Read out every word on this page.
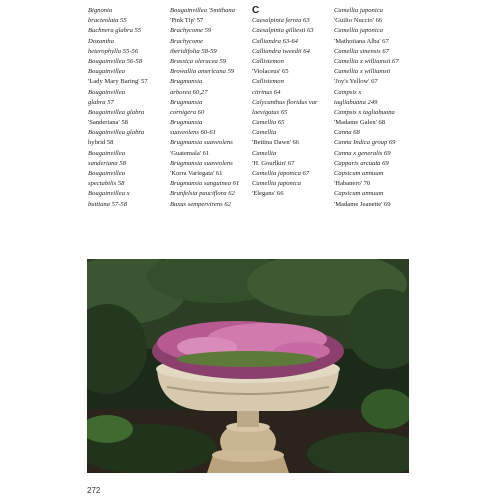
Bignonia
bracteolata 55
Buchnera glabra 55
Doxantha
heterophylla 55-56
Bougainvillea 56-58
Bougainvillea
'Lady Mary Baring' 57
Bougainvillea
glabra 57
Bougainvillea glabra
'Sanderiana' 58
Bougainvillea glabra
hybrid 58
Bougainvillea
sanderiana 58
Bougainvillea
spectabilis 58
Bougainvillea x
buttiana 57-58
Bougainvillea 'Smithana
'Pink Tip' 57
Brachycome 59
Brachycome
iberidifolia 58-59
Brassica oleracea 59
Browallia americana 59
Brugmansia
arborea 60,27
Brugmansia
cornigera 60
Brugmansia
suaveolens 60-61
Brugmansia suaveolens
'Guatemala' 61
Brugmansia suaveolens
'Korra Variegata' 61
Brugmansia sanguinea 61
Brunfelsia pauciflora 62
Buxus sempervirens 62
C
Caesalpinia ferrea 63
Caesalpinia gilliesii 63
Calliandra 63-64
Calliandra tweedii 64
Callistemon
'Violaceus' 65
Callistemon
citrinus 64
Calycanthus floridus var
laevigatus 65
Camellia 65
Camellia
'Bettina Dawn' 66
Camellia
'H. Gourlkin' 67
Camellia japonica 67
Camellia japonica
'Elegans' 66
Camellia japonica
'Guilio Nuccio' 66
Camellia japonica
'Mathotiana Alba' 67
Camellia sinensis 67
Camellia x williamsii 67
Camellia x williamsii
'Joy's Yellow' 67
Campsis x
tagliabuana 249
Campsis x tagliabuana
'Madame Galen' 68
Canna 68
Canna Indica group 69
Canna x generalis 69
Capparis arcuata 69
Capsicum annuum
'Habanero' 70
Capsicum annuum
'Madame Jeanette' 69
272
